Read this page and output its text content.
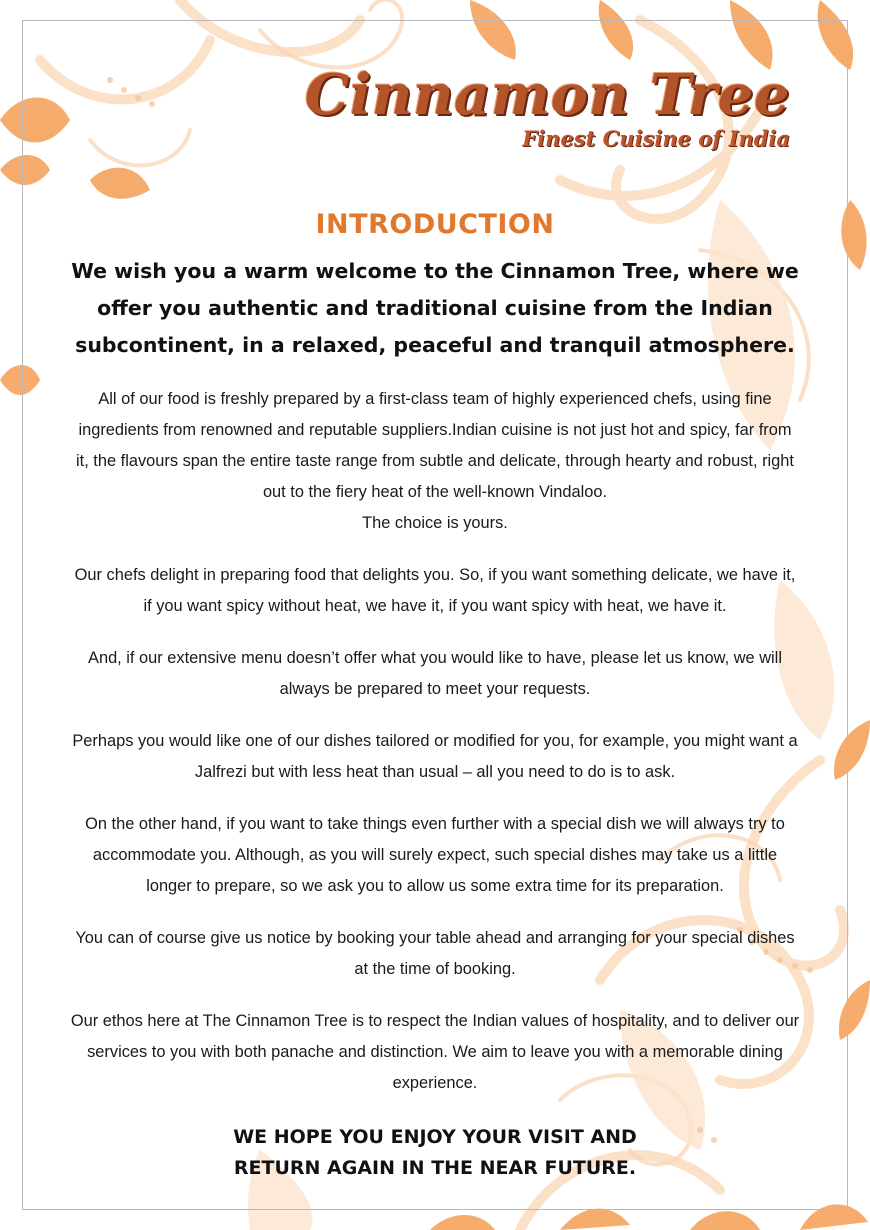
Cinnamon Tree
Finest Cuisine of India
INTRODUCTION
We wish you a warm welcome to the Cinnamon Tree, where we offer you authentic and traditional cuisine from the Indian subcontinent, in a relaxed, peaceful and tranquil atmosphere.

All of our food is freshly prepared by a first-class team of highly experienced chefs, using fine ingredients from renowned and reputable suppliers.Indian cuisine is not just hot and spicy, far from it, the flavours span the entire taste range from subtle and delicate, through hearty and robust, right out to the fiery heat of the well-known Vindaloo.
The choice is yours.

Our chefs delight in preparing food that delights you. So, if you want something delicate, we have it, if you want spicy without heat, we have it, if you want spicy with heat, we have it.

And, if our extensive menu doesn’t offer what you would like to have, please let us know, we will always be prepared to meet your requests.

Perhaps you would like one of our dishes tailored or modified for you, for example, you might want a Jalfrezi but with less heat than usual – all you need to do is to ask.

On the other hand, if you want to take things even further with a special dish we will always try to accommodate you. Although, as you will surely expect, such special dishes may take us a little longer to prepare, so we ask you to allow us some extra time for its preparation.

You can of course give us notice by booking your table ahead and arranging for your special dishes at the time of booking.

Our ethos here at The Cinnamon Tree is to respect the Indian values of hospitality, and to deliver our services to you with both panache and distinction. We aim to leave you with a memorable dining experience.

WE HOPE YOU ENJOY YOUR VISIT AND
RETURN AGAIN IN THE NEAR FUTURE.
